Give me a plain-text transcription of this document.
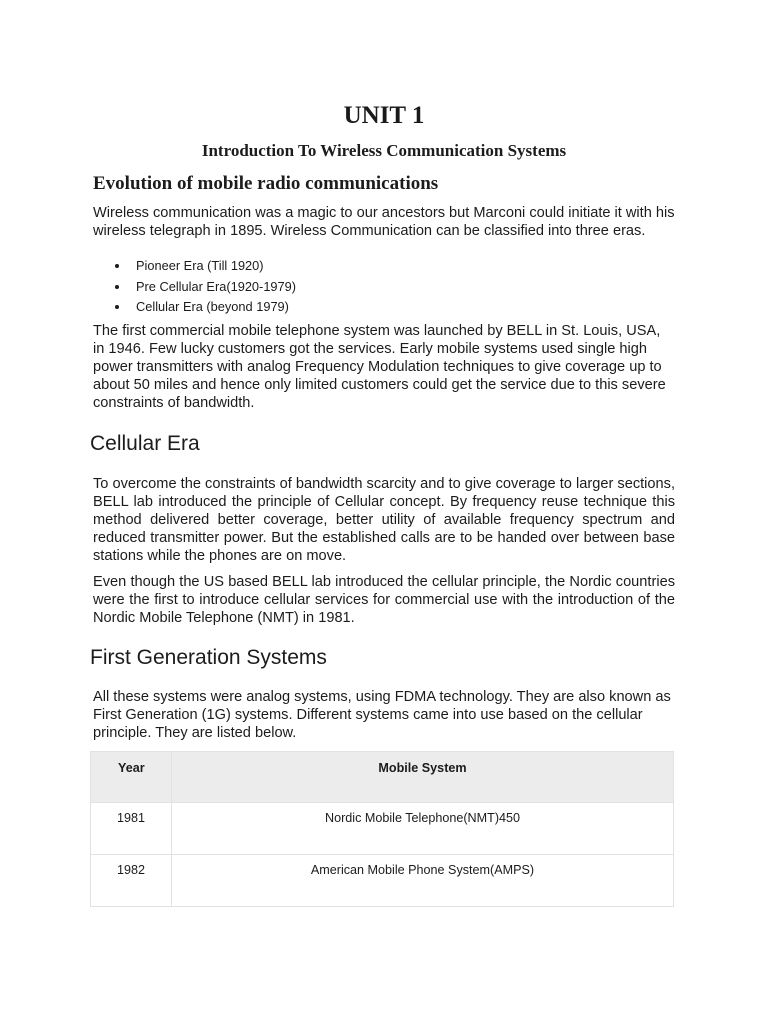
UNIT 1
Introduction To Wireless Communication Systems
Evolution of mobile radio communications

Wireless communication was a magic to our ancestors but Marconi could initiate it with his wireless telegraph in 1895. Wireless Communication can be classified into three eras.

Pioneer Era (Till 1920)
Pre Cellular Era(1920-1979)
Cellular Era (beyond 1979)

The first commercial mobile telephone system was launched by BELL in St. Louis, USA, in 1946. Few lucky customers got the services. Early mobile systems used single high power transmitters with analog Frequency Modulation techniques to give coverage up to about 50 miles and hence only limited customers could get the service due to this severe constraints of bandwidth.

Cellular Era

To overcome the constraints of bandwidth scarcity and to give coverage to larger sections, BELL lab introduced the principle of Cellular concept. By frequency reuse technique this method delivered better coverage, better utility of available frequency spectrum and reduced transmitter power. But the established calls are to be handed over between base stations while the phones are on move.

Even though the US based BELL lab introduced the cellular principle, the Nordic countries were the first to introduce cellular services for commercial use with the introduction of the Nordic Mobile Telephone (NMT) in 1981.

First Generation Systems

All these systems were analog systems, using FDMA technology. They are also known as First Generation (1G) systems. Different systems came into use based on the cellular principle. They are listed below.

Year	Mobile System
1981	Nordic Mobile Telephone(NMT)450
1982	American Mobile Phone System(AMPS)
